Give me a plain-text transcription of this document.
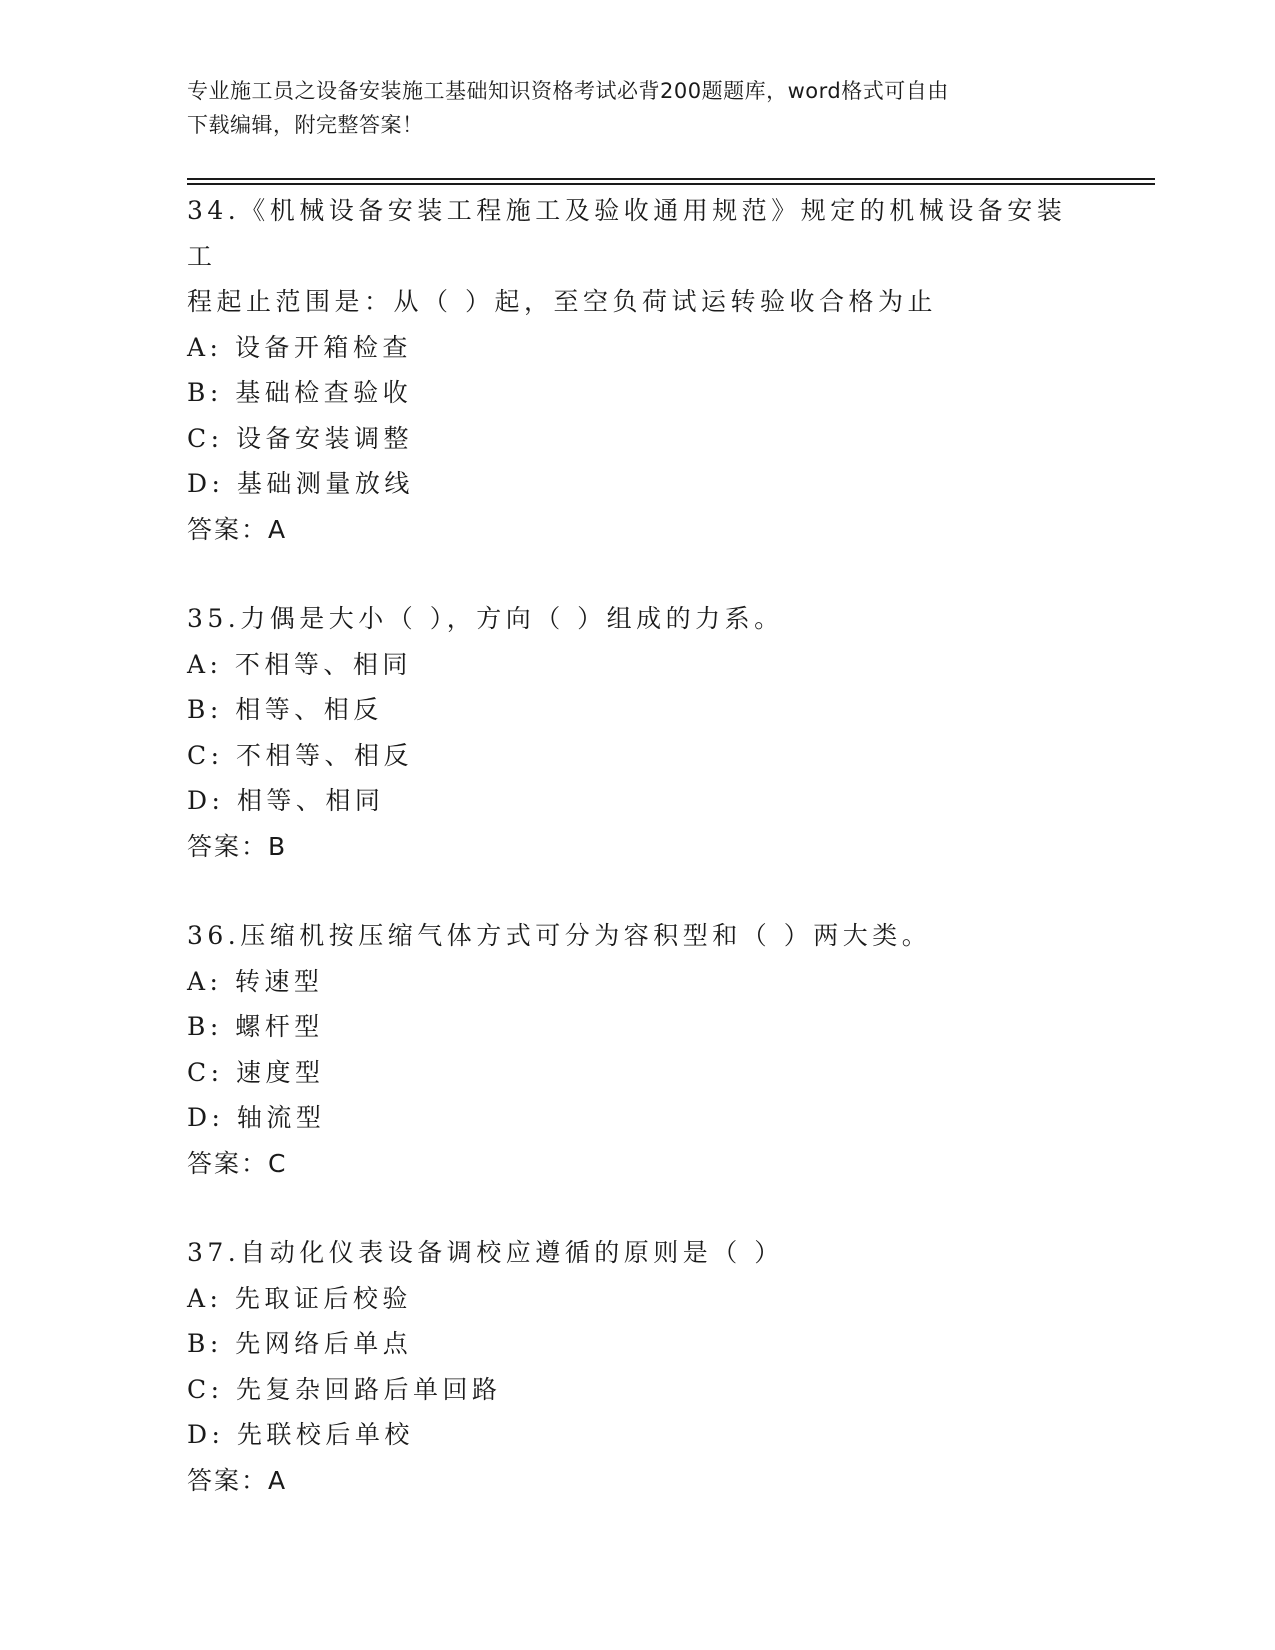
专业施工员之设备安装施工基础知识资格考试必背200题题库，word格式可自由
下载编辑，附完整答案！
34.《机械设备安装工程施工及验收通用规范》规定的机械设备安装工
程起止范围是：从（ ）起，至空负荷试运转验收合格为止
A: 设备开箱检查
B: 基础检查验收
C: 设备安装调整
D: 基础测量放线
答案：A
35.力偶是大小（ ），方向（ ）组成的力系。
A: 不相等、相同
B: 相等、相反
C: 不相等、相反
D: 相等、相同
答案：B
36.压缩机按压缩气体方式可分为容积型和（ ）两大类。
A: 转速型
B: 螺杆型
C: 速度型
D: 轴流型
答案：C
37.自动化仪表设备调校应遵循的原则是（ ）
A: 先取证后校验
B: 先网络后单点
C: 先复杂回路后单回路
D: 先联校后单校
答案：A
